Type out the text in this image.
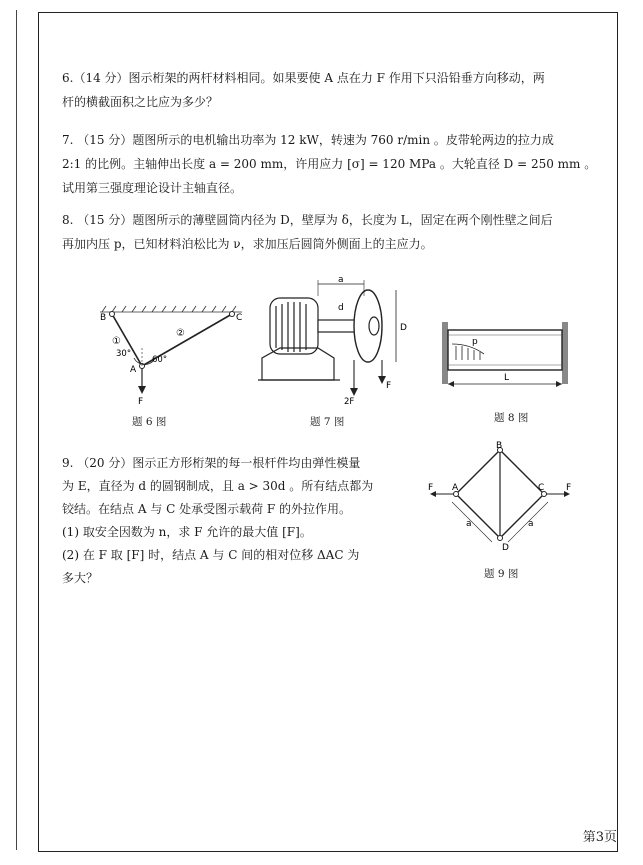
6.（14 分）图示桁架的两杆材料相同。如果要使 A 点在力 F 作用下只沿铅垂方向移动，两
杆的横截面积之比应为多少？
7. （15 分）题图所示的电机输出功率为 12 kW，转速为 760 r/min 。皮带轮两边的拉力成
2:1 的比例。主轴伸出长度 a = 200 mm，许用应力 [σ] = 120 MPa 。大轮直径 D = 250 mm 。
试用第三强度理论设计主轴直径。
8. （15 分）题图所示的薄壁圆筒内径为 D，壁厚为 δ，长度为 L，固定在两个刚性壁之间后
再加内压 p，已知材料泊松比为 ν，求加压后圆筒外侧面上的主应力。
B	C
A
①
②
30°
60°
F
题 6 图
a
d
D
F
2F
题 7 图
p
L
题 8 图
9. （20 分）图示正方形桁架的每一根杆件均由弹性模量
为 E，直径为 d 的圆钢制成，且 a > 30d 。所有结点都为
铰结。在结点 A 与 C 处承受图示载荷 F 的外拉作用。
(1) 取安全因数为 n，求 F 允许的最大值 [F]。
(2) 在 F 取 [F] 时，结点 A 与 C 间的相对位移 ΔAC 为
多大？
A
B
C
D
F	F
a	a
题 9 图
第3页
